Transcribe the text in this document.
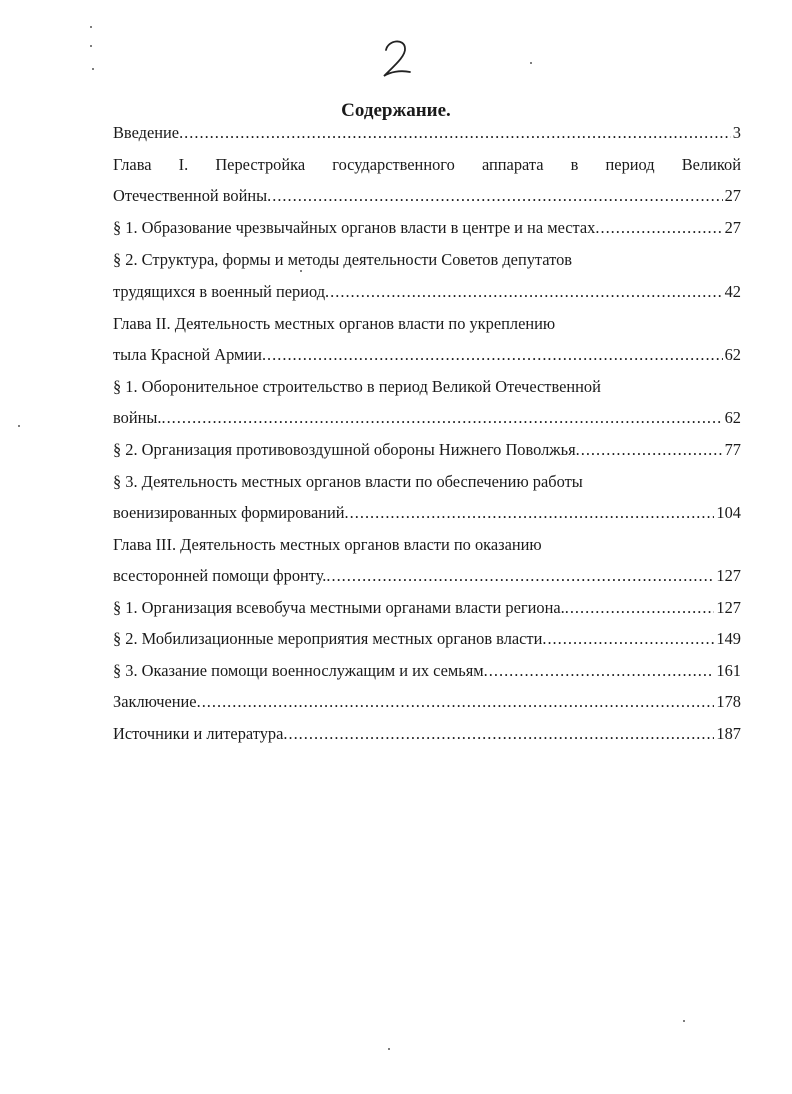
Содержание.
Введение .....	3
Глава I. Перестройка государственного аппарата в период Великой
Отечественной войны .....	27
§ 1. Образование чрезвычайных органов власти в центре и на местах .....	27
§ 2. Структура, формы и методы деятельности Советов депутатов
трудящихся в военный период .....	42
Глава II. Деятельность местных органов власти по укреплению
тыла Красной Армии .....	62
§ 1. Оборонительное строительство в период Великой Отечественной
войны. .....	62
§ 2. Организация противовоздушной обороны Нижнего Поволжья .....	77
§ 3. Деятельность местных органов власти по обеспечению работы
военизированных формирований .....	104
Глава III. Деятельность местных органов власти по оказанию
всесторонней помощи фронту. .....	127
§ 1. Организация всевобуча местными органами власти региона. .....	127
§ 2. Мобилизационные мероприятия местных органов власти .....	149
§ 3. Оказание помощи военнослужащим и их семьям .....	161
Заключение .....	178
Источники и литература .....	187
